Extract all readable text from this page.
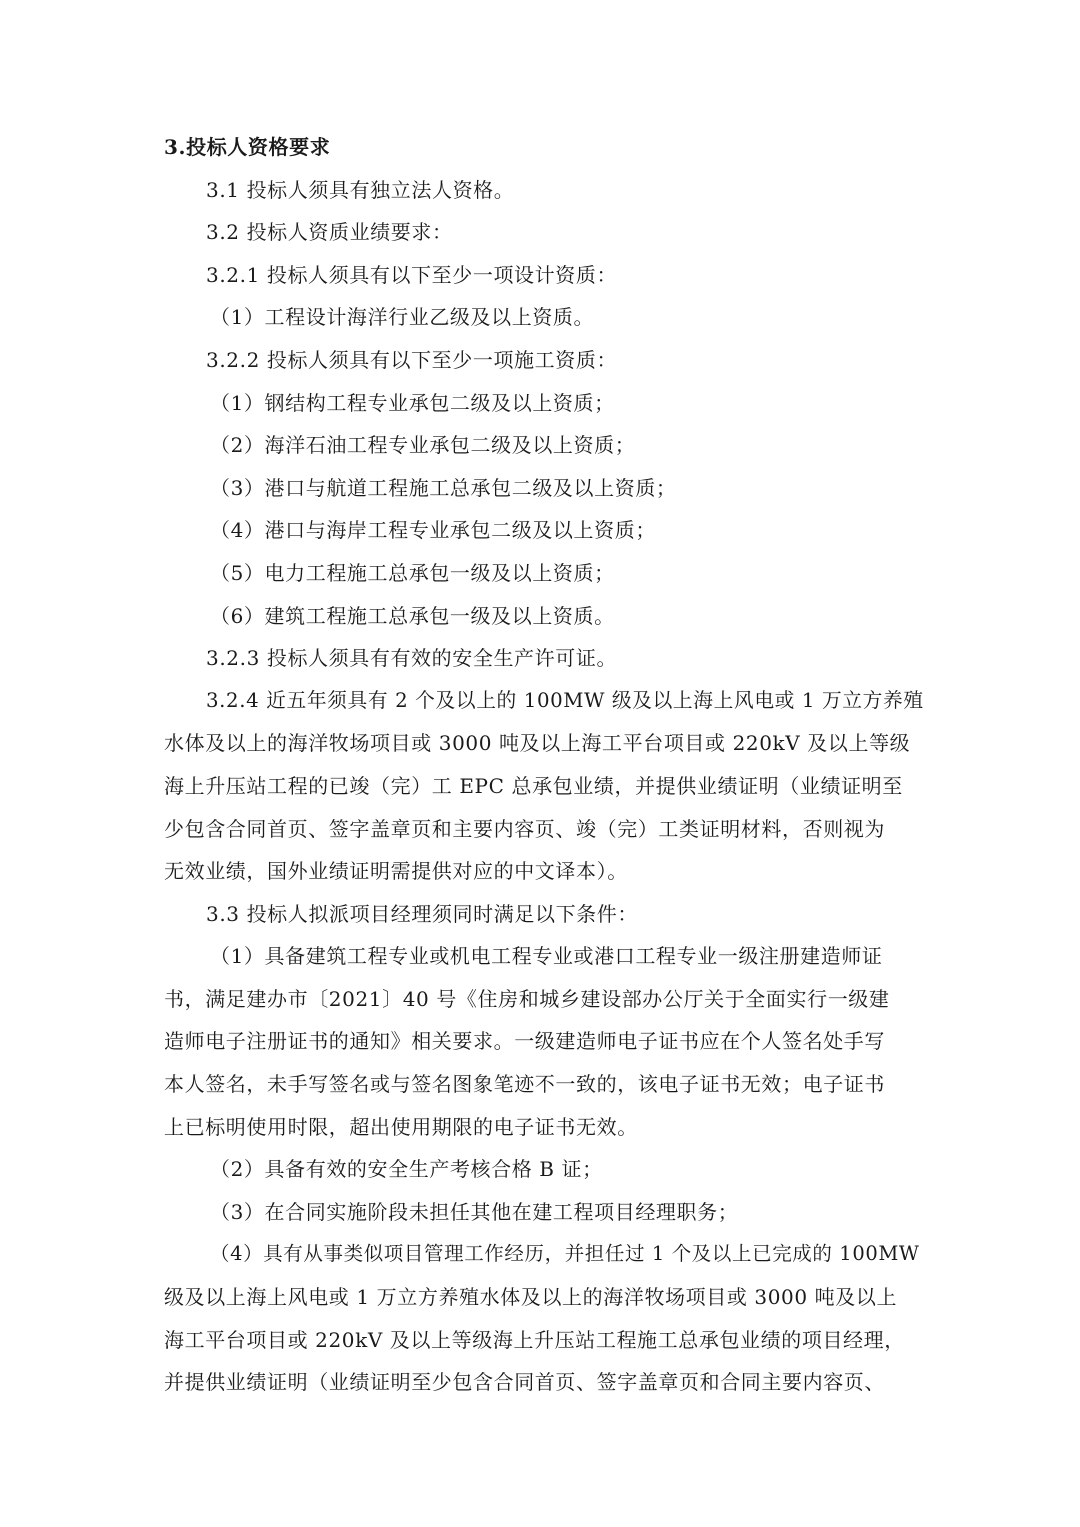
3.投标人资格要求
3.1 投标人须具有独立法人资格。
3.2 投标人资质业绩要求：
3.2.1 投标人须具有以下至少一项设计资质：
（1）工程设计海洋行业乙级及以上资质。
3.2.2 投标人须具有以下至少一项施工资质：
（1）钢结构工程专业承包二级及以上资质；
（2）海洋石油工程专业承包二级及以上资质；
（3）港口与航道工程施工总承包二级及以上资质；
（4）港口与海岸工程专业承包二级及以上资质；
（5）电力工程施工总承包一级及以上资质；
（6）建筑工程施工总承包一级及以上资质。
3.2.3 投标人须具有有效的安全生产许可证。
3.2.4 近五年须具有 2 个及以上的 100MW 级及以上海上风电或 1 万立方养殖
水体及以上的海洋牧场项目或 3000 吨及以上海工平台项目或 220kV 及以上等级
海上升压站工程的已竣（完）工 EPC 总承包业绩，并提供业绩证明（业绩证明至
少包含合同首页、签字盖章页和主要内容页、竣（完）工类证明材料，否则视为
无效业绩，国外业绩证明需提供对应的中文译本）。
3.3 投标人拟派项目经理须同时满足以下条件：
（1）具备建筑工程专业或机电工程专业或港口工程专业一级注册建造师证
书，满足建办市〔2021〕40 号《住房和城乡建设部办公厅关于全面实行一级建
造师电子注册证书的通知》相关要求。一级建造师电子证书应在个人签名处手写
本人签名，未手写签名或与签名图象笔迹不一致的，该电子证书无效；电子证书
上已标明使用时限，超出使用期限的电子证书无效。
（2）具备有效的安全生产考核合格 B 证；
（3）在合同实施阶段未担任其他在建工程项目经理职务；
（4）具有从事类似项目管理工作经历，并担任过 1 个及以上已完成的 100MW
级及以上海上风电或 1 万立方养殖水体及以上的海洋牧场项目或 3000 吨及以上
海工平台项目或 220kV 及以上等级海上升压站工程施工总承包业绩的项目经理，
并提供业绩证明（业绩证明至少包含合同首页、签字盖章页和合同主要内容页、
